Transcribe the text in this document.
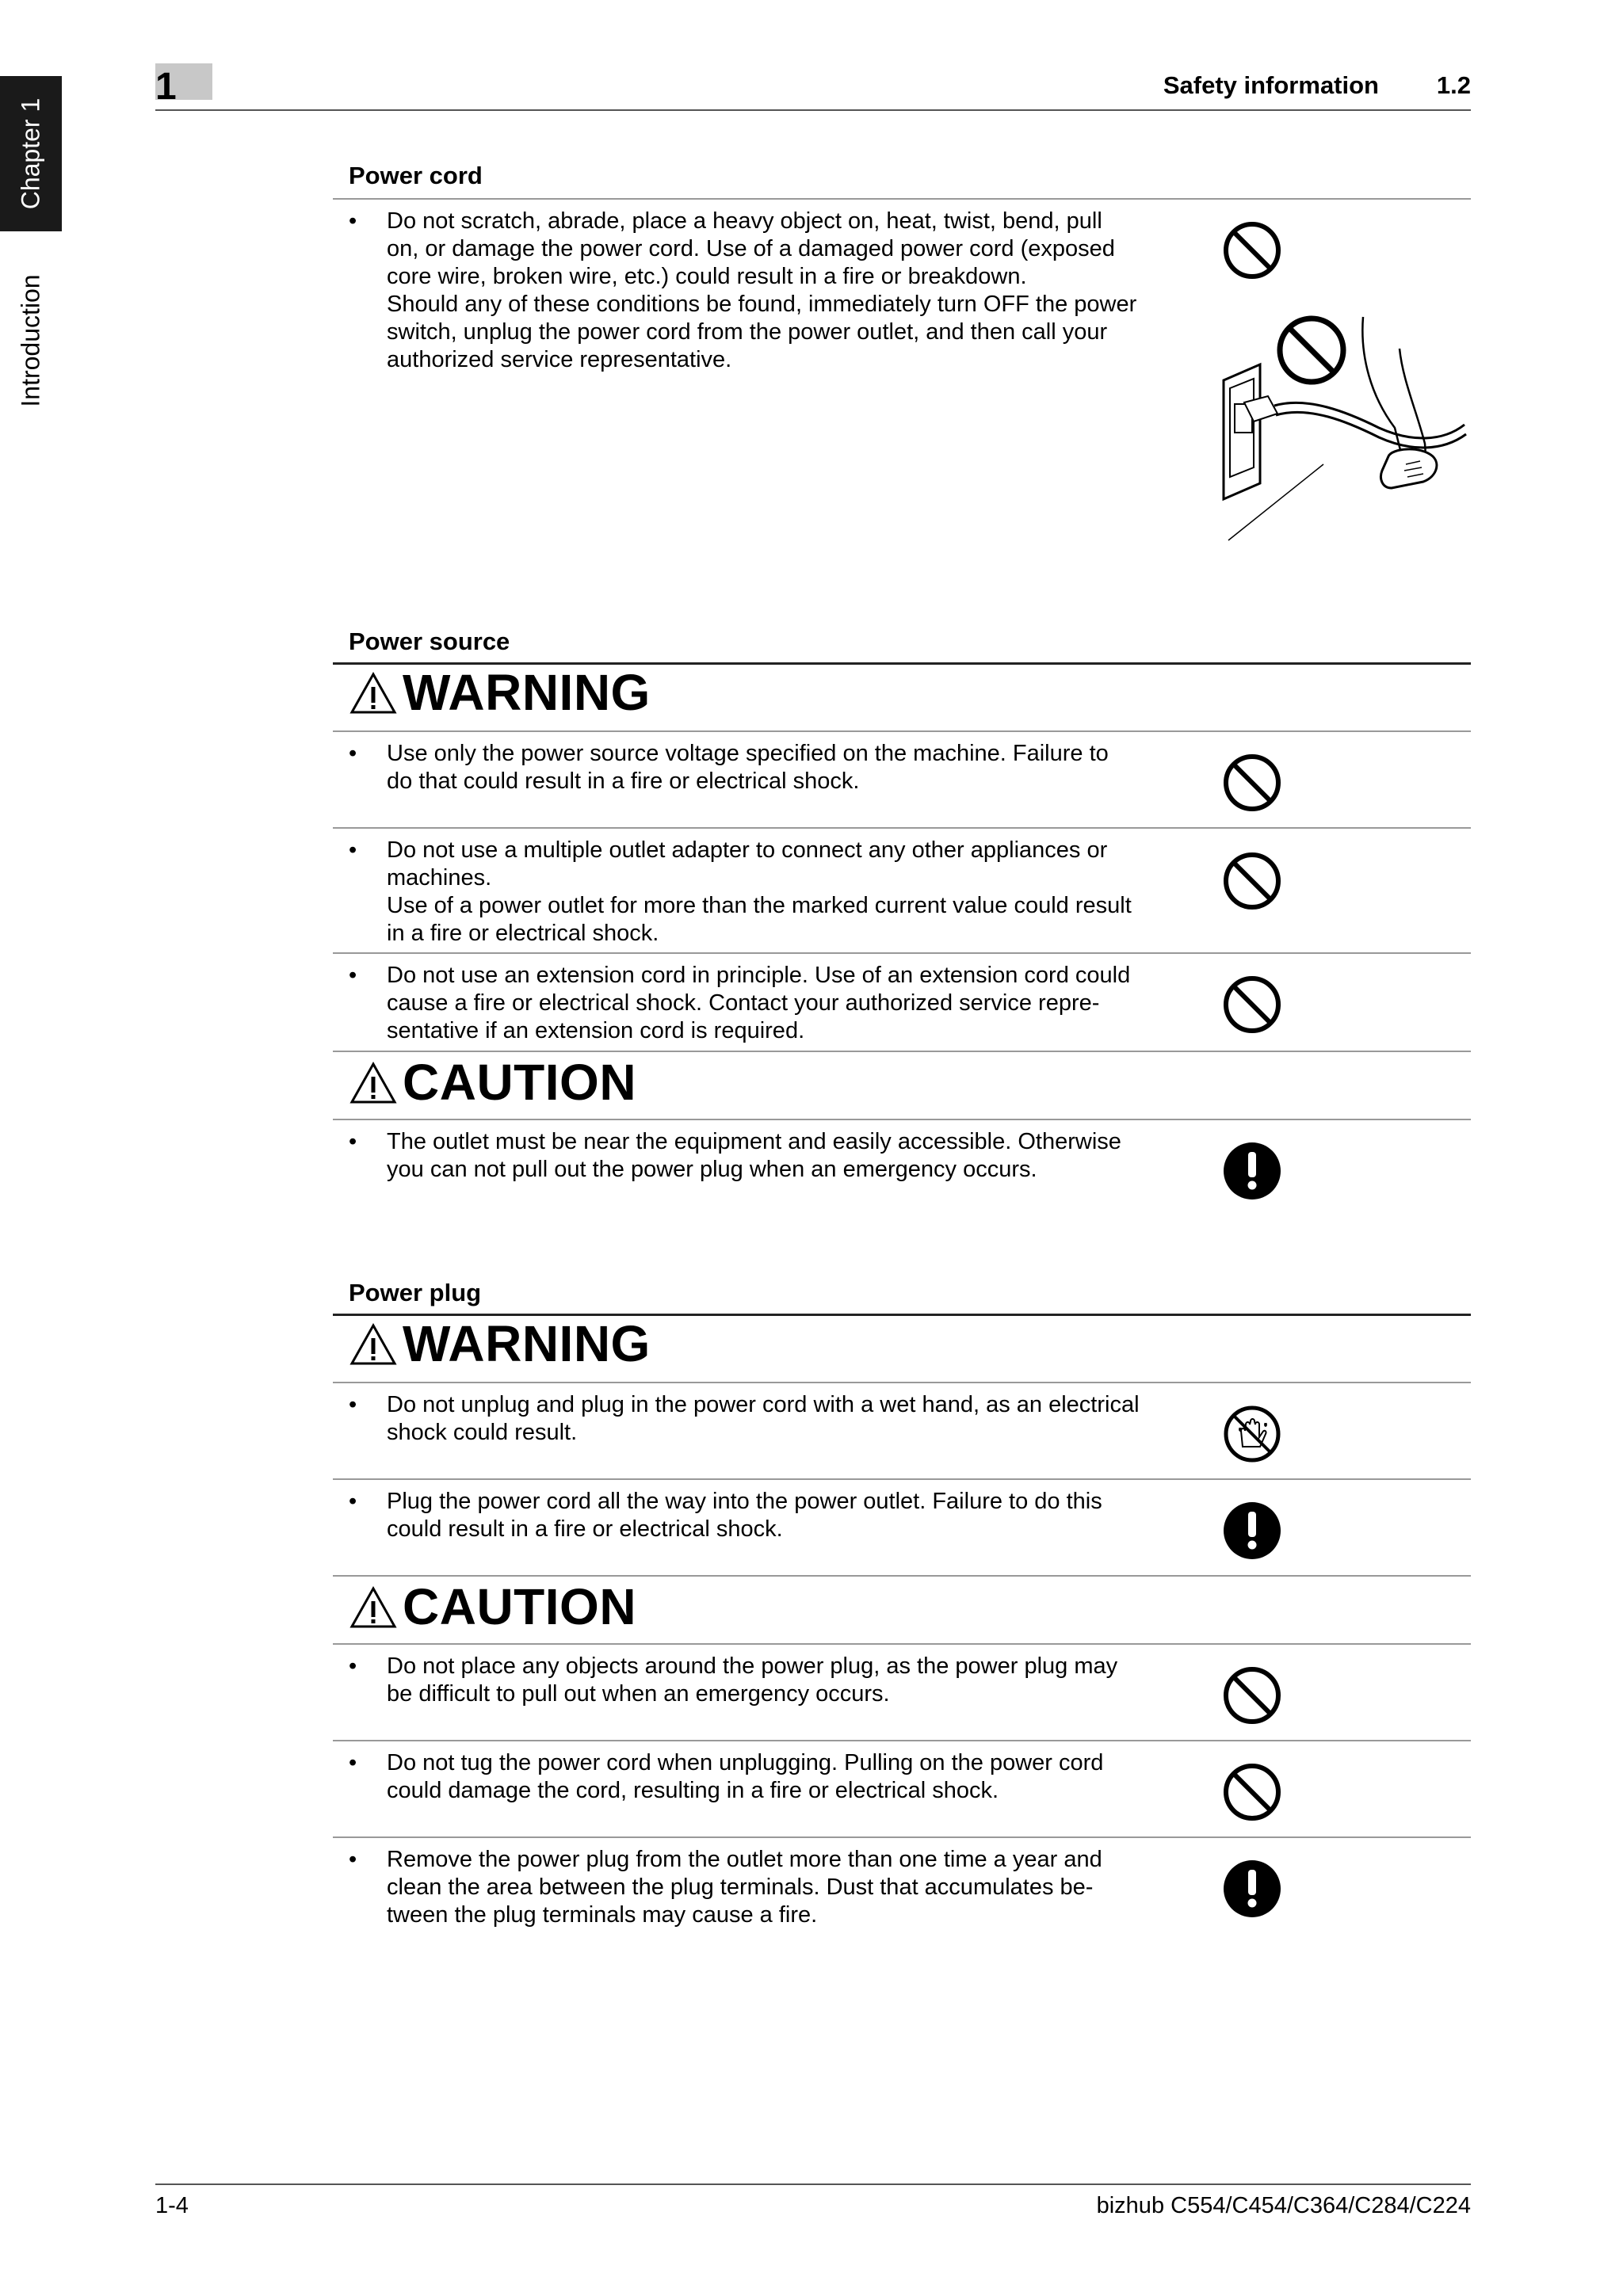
Chapter 1
Introduction
1	Safety information	1.2
Power cord
• Do not scratch, abrade, place a heavy object on, heat, twist, bend, pull
on, or damage the power cord. Use of a damaged power cord (exposed
core wire, broken wire, etc.) could result in a fire or breakdown.
Should any of these conditions be found, immediately turn OFF the power
switch, unplug the power cord from the power outlet, and then call your
authorized service representative.
Power source
WARNING
• Use only the power source voltage specified on the machine. Failure to
do that could result in a fire or electrical shock.
• Do not use a multiple outlet adapter to connect any other appliances or
machines.
Use of a power outlet for more than the marked current value could result
in a fire or electrical shock.
• Do not use an extension cord in principle. Use of an extension cord could
cause a fire or electrical shock. Contact your authorized service repre-
sentative if an extension cord is required.
CAUTION
• The outlet must be near the equipment and easily accessible. Otherwise
you can not pull out the power plug when an emergency occurs.
Power plug
WARNING
• Do not unplug and plug in the power cord with a wet hand, as an electrical
shock could result.
• Plug the power cord all the way into the power outlet. Failure to do this
could result in a fire or electrical shock.
CAUTION
• Do not place any objects around the power plug, as the power plug may
be difficult to pull out when an emergency occurs.
• Do not tug the power cord when unplugging. Pulling on the power cord
could damage the cord, resulting in a fire or electrical shock.
• Remove the power plug from the outlet more than one time a year and
clean the area between the plug terminals. Dust that accumulates be-
tween the plug terminals may cause a fire.
1-4	bizhub C554/C454/C364/C284/C224
